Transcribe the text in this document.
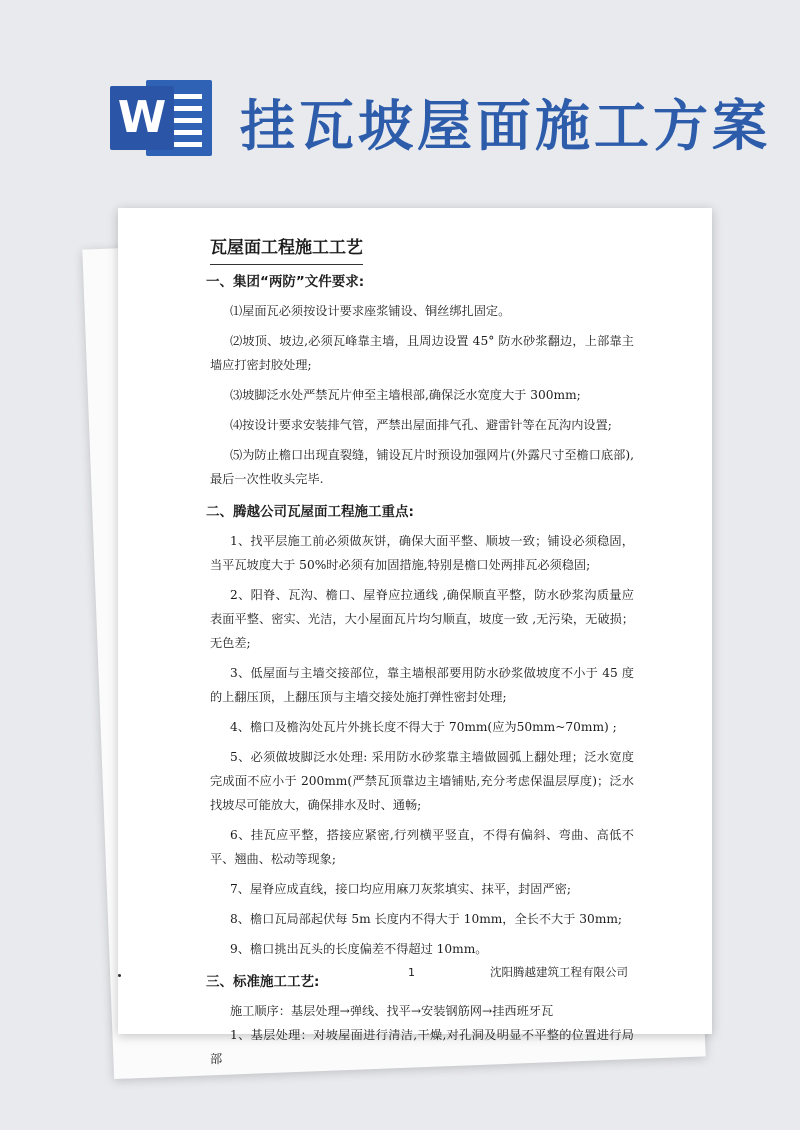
W 挂瓦坡屋面施工方案
瓦屋面工程施工工艺
一、集团“两防”文件要求:

⑴屋面瓦必须按设计要求座浆铺设、铜丝绑扎固定。

⑵坡顶、坡边,必须瓦峰靠主墙，且周边设置 45° 防水砂浆翻边，上部靠主墙应打密封胶处理;

⑶坡脚泛水处严禁瓦片伸至主墙根部,确保泛水宽度大于 300mm;

⑷按设计要求安装排气管，严禁出屋面排气孔、避雷针等在瓦沟内设置;

⑸为防止檐口出现直裂缝，铺设瓦片时预设加强网片(外露尺寸至檐口底部),最后一次性收头完毕.

二、腾越公司瓦屋面工程施工重点:

1、找平层施工前必须做灰饼，确保大面平整、顺坡一致；铺设必须稳固，当平瓦坡度大于 50%时必须有加固措施,特别是檐口处两排瓦必须稳固;

2、阳脊、瓦沟、檐口、屋脊应拉通线 ,确保顺直平整，防水砂浆沟质量应表面平整、密实、光洁，大小屋面瓦片均匀顺直，坡度一致 ,无污染，无破损；无色差;

3、低屋面与主墙交接部位，靠主墙根部要用防水砂浆做坡度不小于 45 度的上翻压顶，上翻压顶与主墙交接处施打弹性密封处理;

4、檐口及檐沟处瓦片外挑长度不得大于 70mm(应为50mm~70mm) ;

5、必须做坡脚泛水处理: 采用防水砂浆靠主墙做圆弧上翻处理；泛水宽度完成面不应小于 200mm(严禁瓦顶靠边主墙铺贴,充分考虑保温层厚度)；泛水找坡尽可能放大，确保排水及时、通畅;

6、挂瓦应平整，搭接应紧密,行列横平竖直，不得有偏斜、弯曲、高低不平、翘曲、松动等现象;

7、屋脊应成直线，接口均应用麻刀灰浆填实、抹平，封固严密;

8、檐口瓦局部起伏每 5m 长度内不得大于 10mm，全长不大于 30mm;

9、檐口挑出瓦头的长度偏差不得超过 10mm。

三、标准施工工艺:

施工顺序：基层处理→弹线、找平→安装钢筋网→挂西班牙瓦

1、基层处理：对坡屋面进行清洁,干燥,对孔洞及明显不平整的位置进行局部

1	沈阳腾越建筑工程有限公司
